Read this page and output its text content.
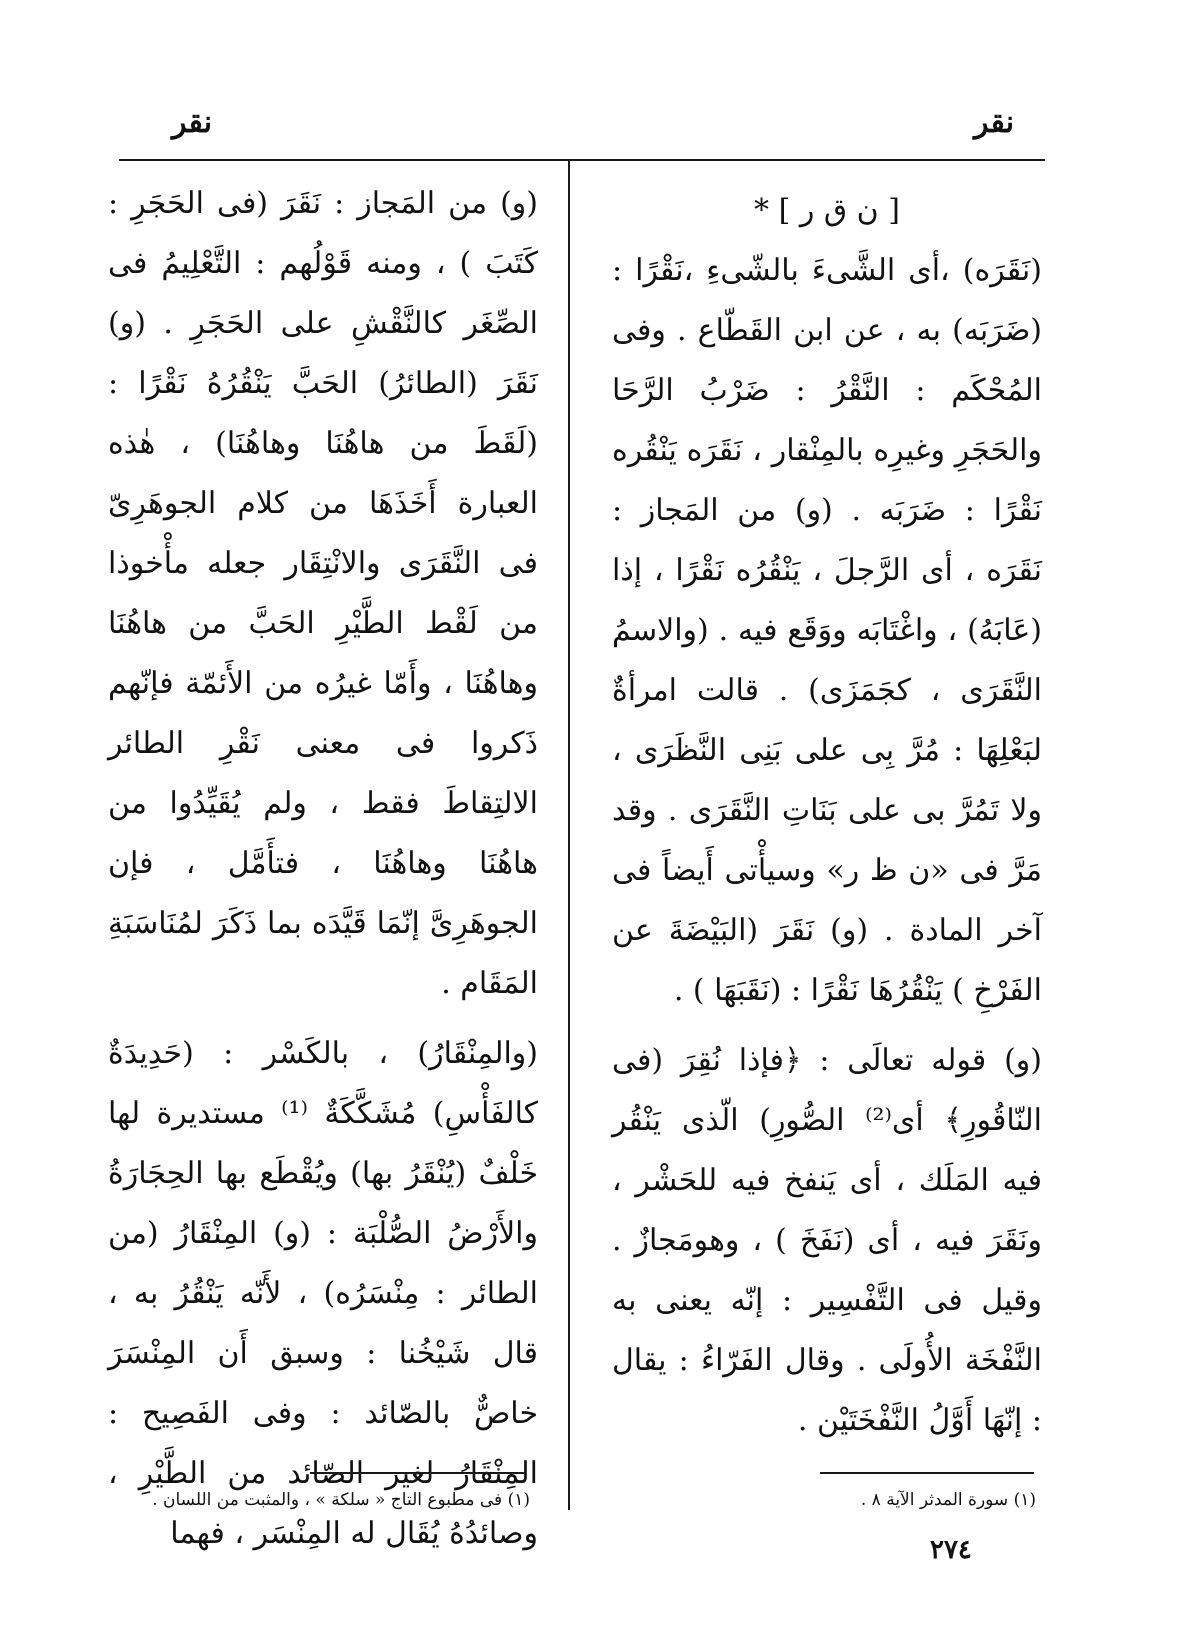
نقر	نقر

[ ن ق ر ] *

(نَقَرَه) ،أى الشَّىءَ بالشّىءِ ،نَقْرًا : (ضَرَبَه) به ، عن ابن القَطّاع . وفى المُحْكَم : النَّقْرُ : ضَرْبُ الرَّحَا والحَجَرِ وغيرِه بالمِنْقار ، نَقَرَه يَنْقُره نَقْرًا : ضَرَبَه . (و) من المَجاز : نَقَرَه ، أى الرَّجلَ ، يَنْقُرُه نَقْرًا ، إذا (عَابَهُ) ، واغْتَابَه ووَقَع فيه . (والاسمُ النَّقَرَى ، كجَمَزَى) . قالت امرأةٌ لبَعْلِهَا : مُرَّ بِى على بَنِى النَّظَرَى ، ولا تَمُرَّ بى على بَنَاتِ النَّقَرَى . وقد مَرَّ فى «ن ظ ر» وسيأْتى أَيضاً فى آخر المادة . (و) نَقَرَ (البَيْضَةَ عن الفَرْخِ ) يَنْقُرُهَا نَقْرًا : (نَقَبَهَا ) .

(و) قوله تعالَى : ﴿فإذا نُقِرَ (فى النّاقُورِ﴾ أى⁽²⁾ الصُّورِ) الّذى يَنْقُر فيه المَلَك ، أى يَنفخ فيه للحَشْر ، ونَقَرَ فيه ، أى (نَفَخَ ) ، وهومَجازٌ . وقيل فى التَّفْسِير : إنّه يعنى به النَّفْخَة الأُولَى . وقال الفَرّاءُ : يقال : إنّهَا أَوَّلُ النَّفْخَتَيْن .

(و) من المَجاز : نَقَرَ (فى الحَجَرِ : كَتَبَ ) ، ومنه قَوْلُهم : التَّعْلِيمُ فى الصِّغَر كالنَّقْشِ على الحَجَرِ . (و) نَقَرَ (الطائرُ) الحَبَّ يَنْقُرُهُ نَقْرًا : (لَقَطَ من هاهُنَا وهاهُنَا) ، هٰذه العبارة أَخَذَهَا من كلام الجوهَرِىّ فى النَّقَرَى والانْتِقَار جعله مأْخوذا من لَقْط الطَّيْرِ الحَبَّ من هاهُنَا وهاهُنَا ، وأَمّا غيرُه من الأَئمّة فإنّهم ذَكروا فى معنى نَقْرِ الطائر الالتِقاطَ فقط ، ولم يُقَيِّدُوا من هاهُنَا وهاهُنَا ، فتأَمَّل ، فإن الجوهَرِىَّ إنّمَا قَيَّدَه بما ذَكَرَ لمُنَاسَبَةِ المَقَام .

(والمِنْقَارُ) ، بالكَسْر : (حَدِيدَةٌ كالفَأْسِ) مُشَكَّكَةٌ ⁽¹⁾ مستديرة لها خَلْفٌ (يُنْقَرُ بها) ويُقْطَع بها الحِجَارَةُ والأَرْضُ الصُّلْبَة : (و) المِنْقَارُ (من الطائر : مِنْسَرُه) ، لأَنّه يَنْقُرُ به ، قال شَيْخُنا : وسبق أَن المِنْسَرَ خاصٌّ بالصّائد : وفى الفَصِيح : المِنْقَارُ لغير الصّائد من الطَّيْرِ ، وصائدُهُ يُقَال له المِنْسَر ، فهما

(١) سورة المدثر الآية ٨ .
(١) فى مطبوع التاج « سلكة » ، والمثبت من اللسان .
٢٧٤
